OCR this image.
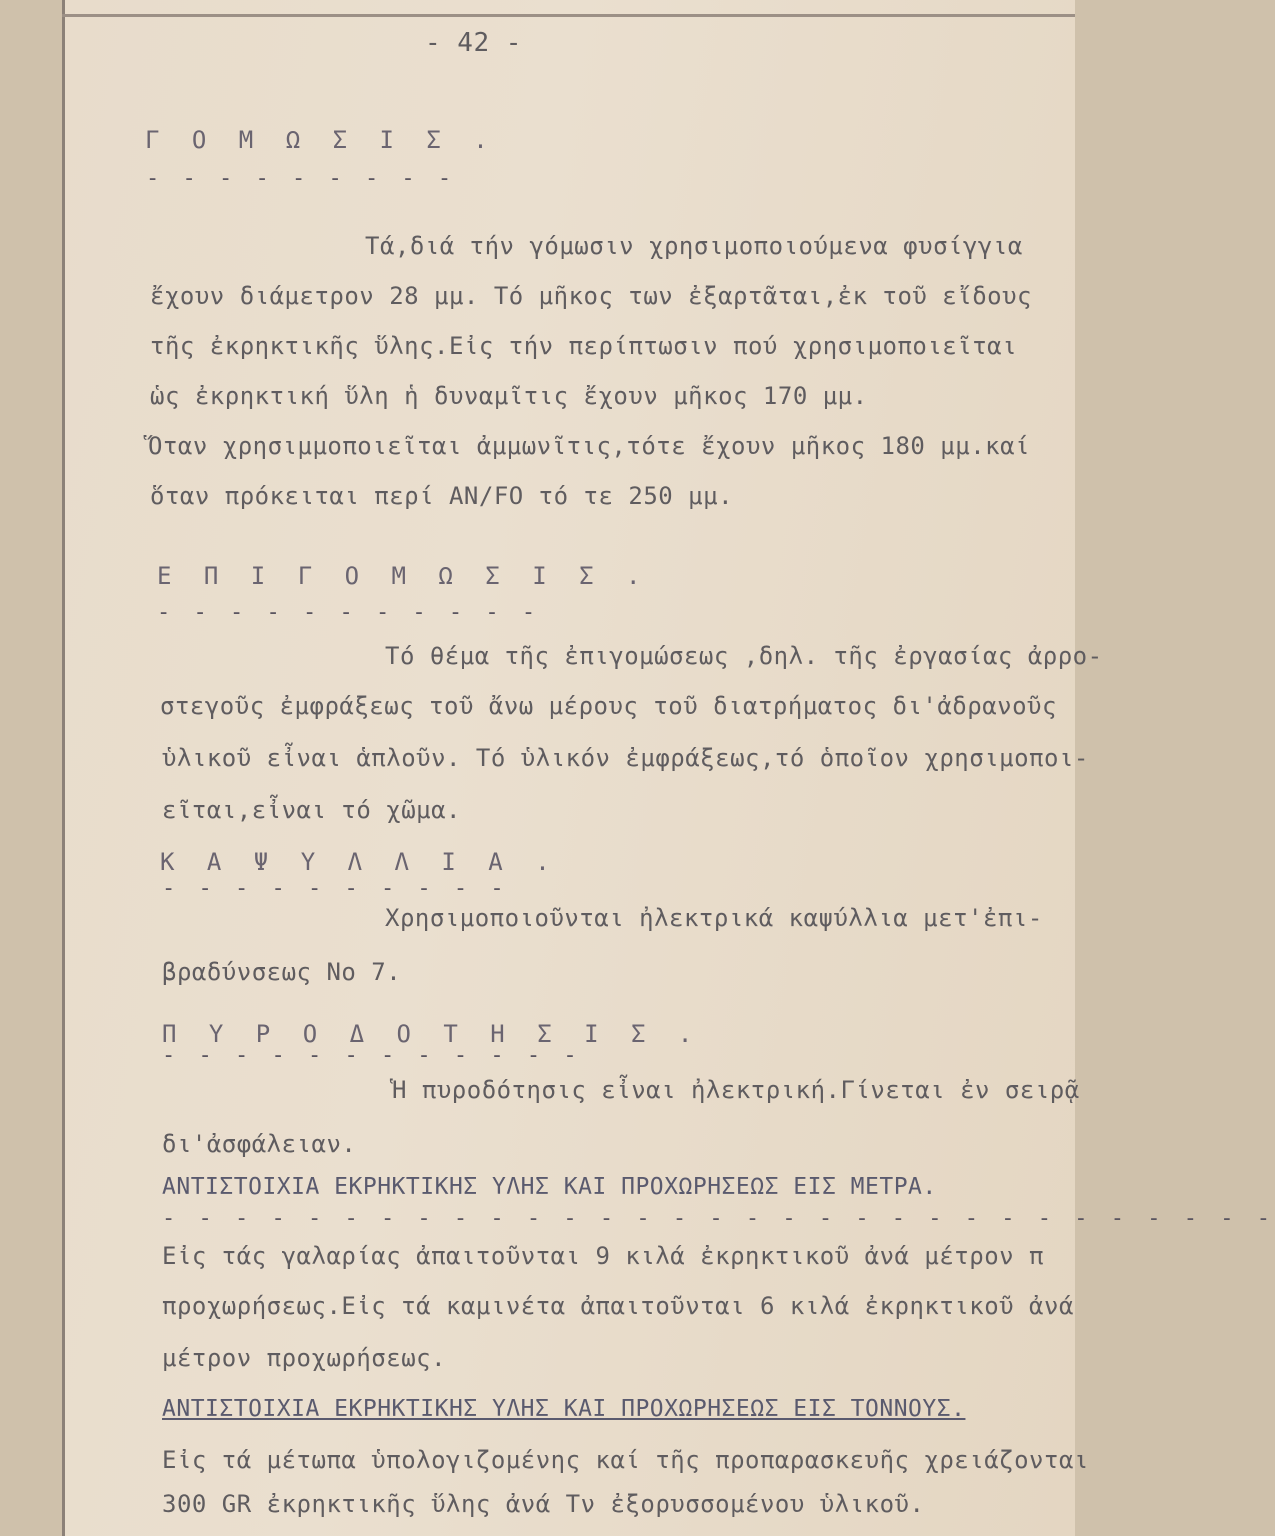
- 42 -
Γ Ο Μ Ω Σ Ι Σ .
- - - - - - - - -
Τά,διά τήν γόμωσιν χρησιμοποιούμενα φυσίγγια
ἔχουν διάμετρον 28 μμ. Τό μῆκος των ἐξαρτᾶται,ἐκ τοῦ εἴδους
τῆς ἐκρηκτικῆς ὕλης.Εἰς τήν περίπτωσιν πού χρησιμοποιεῖται
ὡς ἐκρηκτική ὕλη ἡ δυναμῖτις ἔχουν μῆκος 170 μμ.
Ὅταν χρησιμμοποιεῖται ἀμμωνῖτις,τότε ἔχουν μῆκος 180 μμ.καί
ὅταν πρόκειται περί ΑΝ/FO τό τε 250 μμ.
Ε Π Ι Γ Ο Μ Ω Σ Ι Σ .
- - - - - - - - - - -
Τό θέμα τῆς ἐπιγομώσεως ,δηλ. τῆς ἐργασίας ἀρρο-
στεγοῦς ἐμφράξεως τοῦ ἄνω μέρους τοῦ διατρήματος δι'ἀδρανοῦς
ὑλικοῦ εἶναι ἁπλοῦν. Τό ὑλικόν ἐμφράξεως,τό ὁποῖον χρησιμοποι-
εῖται,εἶναι τό χῶμα.
Κ Α Ψ Υ Λ Λ Ι Α .
- - - - - - - - - -
Χρησιμοποιοῦνται ἠλεκτρικά καψύλλια μετ'ἐπι-
βραδύνσεως Νο 7.
Π Υ Ρ Ο Δ Ο Τ Η Σ Ι Σ .
- - - - - - - - - - - -
Ἡ πυροδότησις εἶναι ἠλεκτρική.Γίνεται ἐν σειρᾷ
δι'ἀσφάλειαν.
ΑΝΤΙΣΤΟΙΧΙΑ ΕΚΡΗΚΤΙΚΗΣ ΥΛΗΣ ΚΑΙ ΠΡΟΧΩΡΗΣΕΩΣ ΕΙΣ ΜΕΤΡΑ.
- - - - - - - - - - - - - - - - - - - - - - - - - - - - - - -
Εἰς τάς γαλαρίας ἀπαιτοῦνται 9 κιλά ἐκρηκτικοῦ ἀνά μέτρον π
προχωρήσεως.Εἰς τά καμινέτα ἀπαιτοῦνται 6 κιλά ἐκρηκτικοῦ ἀνά
μέτρον προχωρήσεως.
ΑΝΤΙΣΤΟΙΧΙΑ ΕΚΡΗΚΤΙΚΗΣ ΥΛΗΣ ΚΑΙ ΠΡΟΧΩΡΗΣΕΩΣ ΕΙΣ ΤΟΝΝΟΥΣ.
Εἰς τά μέτωπα ὑπολογιζομένης καί τῆς προπαρασκευῆς χρειάζονται
300 GR ἐκρηκτικῆς ὕλης ἀνά Τν ἐξορυσσομένου ὑλικοῦ.
